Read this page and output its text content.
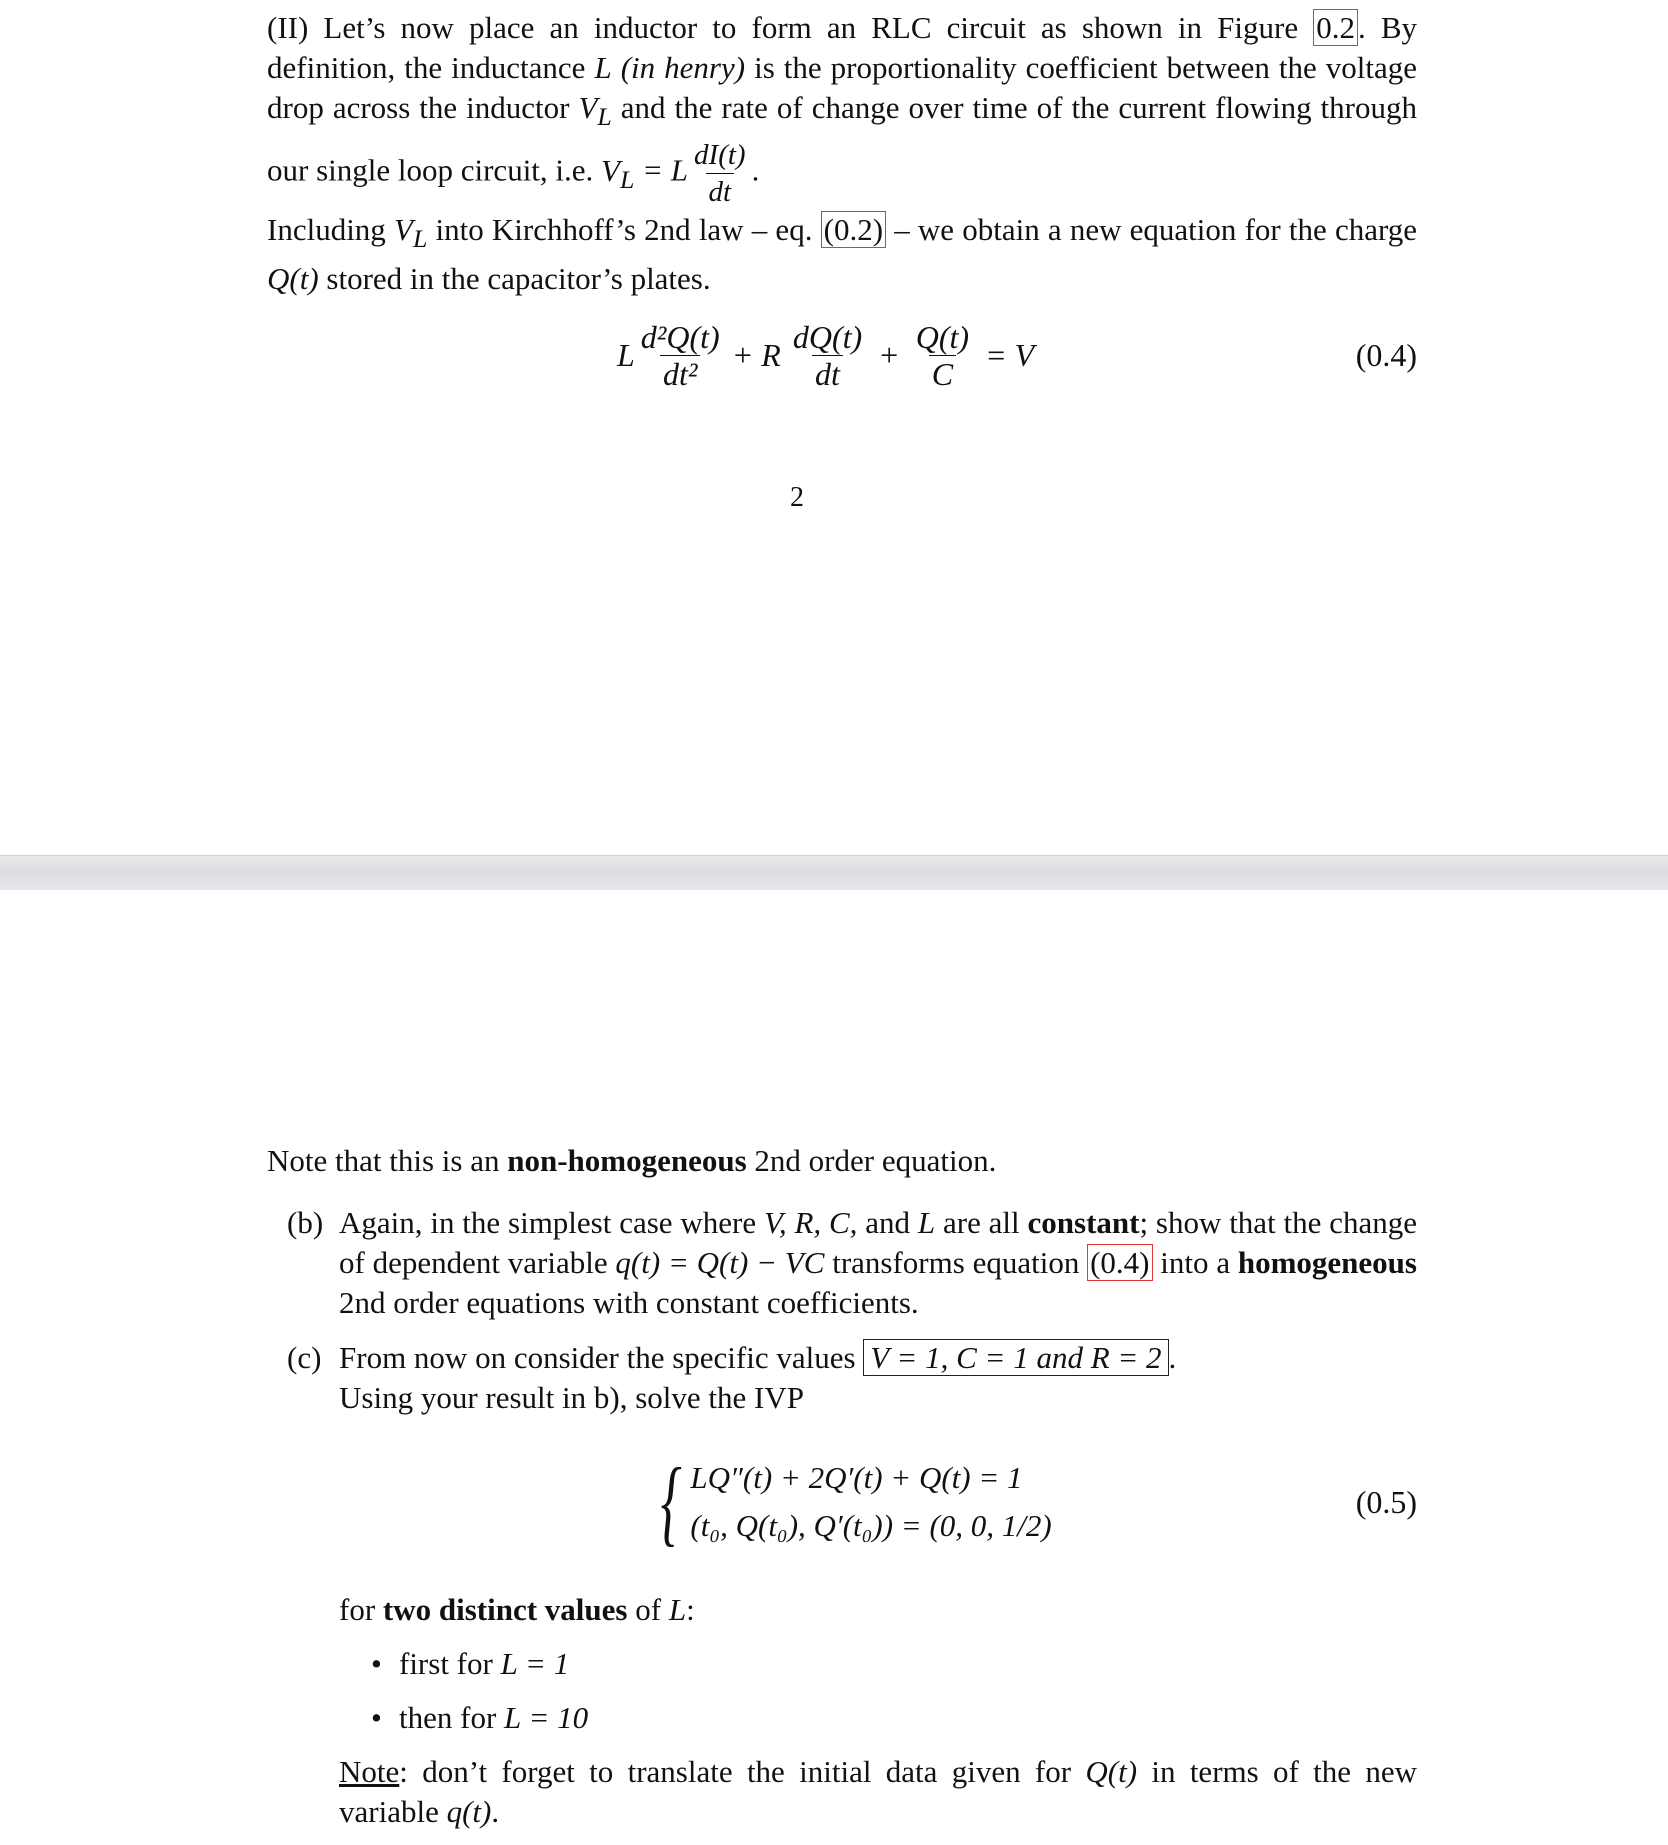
(II) Let’s now place an inductor to form an RLC circuit as shown in Figure 0.2. By definition, the inductance L (in henry) is the proportionality coefficient between the voltage drop across the inductor $V_L$ and the rate of change over time of the current flowing through our single loop circuit, i.e. $V_L = L \frac{dI(t)}{dt}$ .

Including $V_L$ into Kirchhoff’s 2nd law – eq. (0.2) – we obtain a new equation for the charge Q(t) stored in the capacitor’s plates.

L $\frac{\text{d²Q(t)}}{\text{dt²}} + R \frac{dQ(t)}{dt} + \frac{Q(t)}{C} = V$	(0.4)
2

Note that this is an non-homogeneous 2nd order equation.

(b) Again, in the simplest case where V, R, C, and L are all constant; show that the change of dependent variable q(t) = Q(t) − VC transforms equation (0.4) into a homogeneous 2nd order equations with constant coefficients.

(c) From now on consider the specific values V = 1, C = 1 and R = 2 .

Using your result in b), solve the IVP

{ LQ″(t) + 2Q′(t) + Q(t) = 1
(t₀, Q(t₀), Q′(t₀)) = (0, 0, 1/2)
(0.5)

for two distinct values of L:

• first for L = 1
• then for L = 10

Note: don’t forget to translate the initial data given for Q(t) in terms of the new variable q(t).
